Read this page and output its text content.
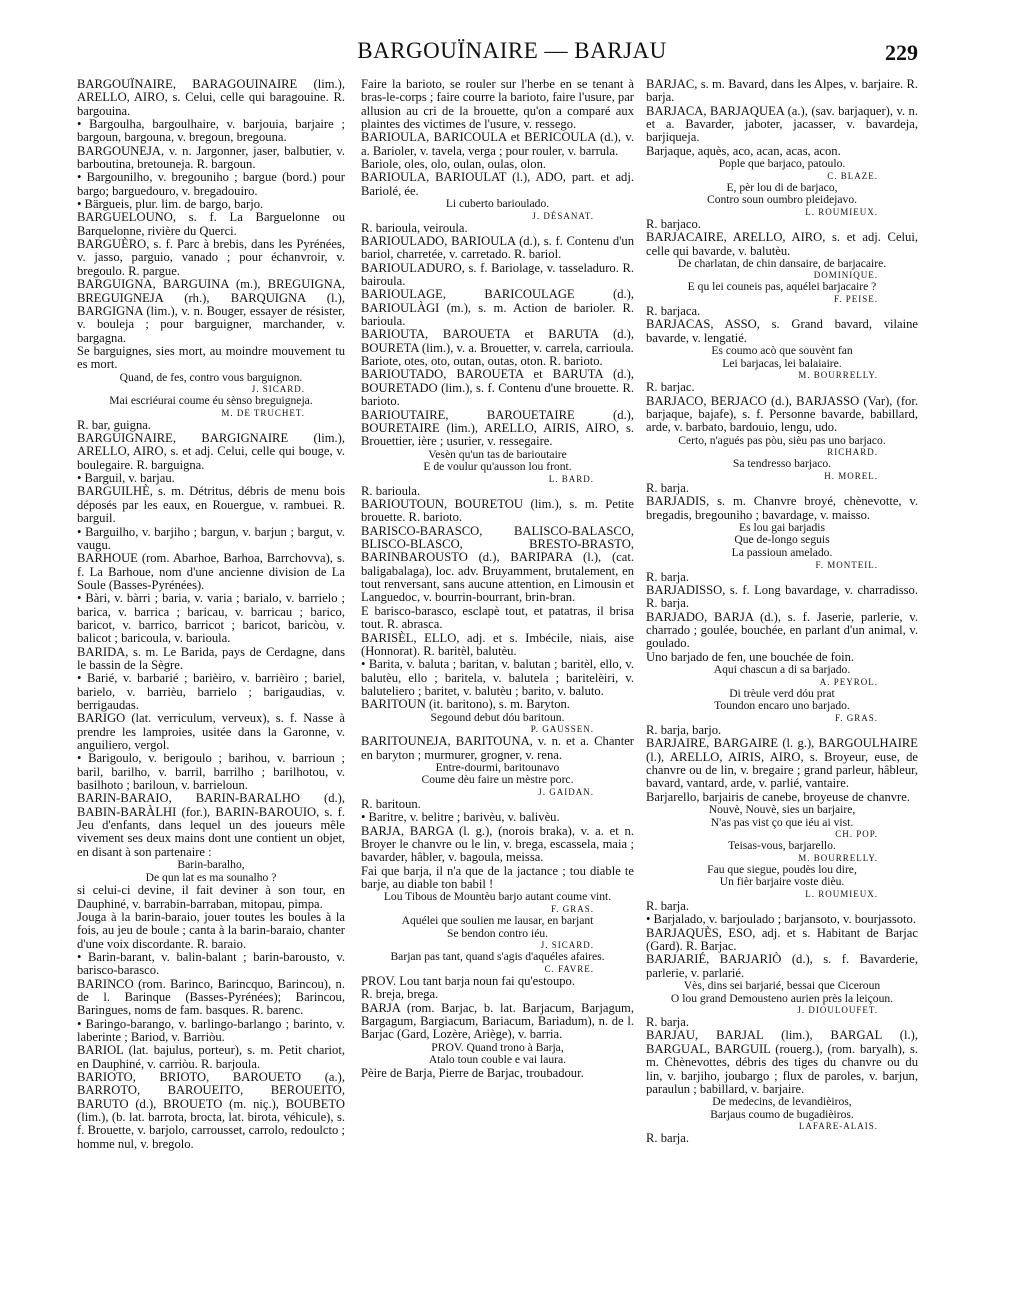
BARGOUÏNAIRE — BARJAU	229

BARGOUÏNAIRE, BARAGOUINAIRE (lim.), ARELLO, AIRO, s. Celui, celle qui baragouine. R. bargouina.

• Bargoulha, bargoulhaire, v. barjouia, barjaire ; bargoun, bargouna, v. bregoun, bregouna.

BARGOUNEJA, v. n. Jargonner, jaser, balbutier, v. barboutina, bretouneja. R. bargoun.

• Bargounilho, v. bregouniho ; bargue (bord.) pour bargo; barguedouro, v. bregadouiro.

• Bärgueis, plur. lim. de bargo, barjo.

BARGUELOUNO, s. f. La Barguelonne ou Barquelonne, rivière du Querci.

BARGUÈRO, s. f. Parc à brebis, dans les Pyrénées, v. jasso, parguio, vanado ; pour échanvroir, v. bregoulo. R. pargue.

BARGUIGNA, BARGUINA (m.), BREGUIGNA, BREGUIGNEJA (rh.), BARQUIGNA (l.), BARGIGNA (lim.), v. n. Bouger, essayer de résister, v. bouleja ; pour barguigner, marchander, v. bargagna.

Se barguignes, sies mort, au moindre mouvement tu es mort.

Quand, de fes, contro vous barguignon.

J. SICARD.

Mai escriéurai coume éu sènso breguigneja.

M. DE TRUCHET.

R. bar, guigna.

BARGUIGNAIRE, BARGIGNAIRE (lim.), ARELLO, AIRO, s. et adj. Celui, celle qui bouge, v. boulegaire. R. barguigna.

• Barguil, v. barjau.

BARGUILHÈ, s. m. Détritus, débris de menu bois déposés par les eaux, en Rouergue, v. rambuei. R. barguil.

• Barguilho, v. barjiho ; bargun, v. barjun ; bargut, v. vaugu.

BARHOUE (rom. Abarhoe, Barhoa, Barrchovva), s. f. La Barhoue, nom d'une ancienne division de La Soule (Basses-Pyrénées).

• Bàri, v. bàrri ; baria, v. varia ; barialo, v. barrielo ; barica, v. barrica ; baricau, v. barricau ; barico, baricot, v. barrico, barricot ; baricot, baricòu, v. balicot ; baricoula, v. barioula.

BARIDA, s. m. Le Barida, pays de Cerdagne, dans le bassin de la Sègre.

• Barié, v. barbarié ; barièiro, v. barrièiro ; bariel, barielo, v. barrièu, barrielo ; barigaudias, v. berrigaudas.

BARIGO (lat. verriculum, verveux), s. f. Nasse à prendre les lamproies, usitée dans la Garonne, v. anguiliero, vergol.

• Barigoulo, v. berigoulo ; barihou, v. barrioun ; baril, barilho, v. barril, barrilho ; barilhotou, v. basilhoto ; bariloun, v. barrieloun.

BARIN-BARAIO, BARIN-BARALHO (d.), BABIN-BARÀLHI (for.), BARIN-BAROUIO, s. f. Jeu d'enfants, dans lequel un des joueurs mêle vivement ses deux mains dont une contient un objet, en disant à son partenaire :

Barin-baralho,

De qun lat es ma sounalho ?

si celui-ci devine, il fait deviner à son tour, en Dauphiné, v. barrabin-barraban, mitopau, pimpa.

Jouga à la barin-baraio, jouer toutes les boules à la fois, au jeu de boule ; canta à la barin-baraio, chanter d'une voix discordante. R. baraio.

• Barin-barant, v. balin-balant ; barin-barousto, v. barisco-barasco.

BARINCO (rom. Barinco, Barincquo, Barincou), n. de l. Barinque (Basses-Pyrénées); Barincou, Baringues, noms de fam. basques. R. barenc.

• Baringo-barango, v. barlingo-barlango ; barinto, v. laberinte ; Bariod, v. Barriòu.

BARIOL (lat. bajulus, porteur), s. m. Petit chariot, en Dauphiné, v. carriòu. R. barjoula.

BARIOTO, BRIOTO, BAROUETO (a.), BARROTO, BAROUEITO, BEROUEITO, BARUTO (d.), BROUETO (m. niç.), BOUBETO (lim.), (b. lat. barrota, brocta, lat. birota, véhicule), s. f. Brouette, v. barjolo, carrousset, carrolo, redoulcto ; homme nul, v. bregolo.

Faire la barioto, se rouler sur l'herbe en se tenant à bras-le-corps ; faire courre la barioto, faire l'usure, par allusion au cri de la brouette, qu'on a comparé aux plaintes des victimes de l'usure, v. ressego.

BARIOULA, BARICOULA et BERICOULA (d.), v. a. Barioler, v. tavela, verga ; pour rouler, v. barrula.

Bariole, oles, olo, oulan, oulas, olon.

BARIOULA, BARIOULAT (l.), ADO, part. et adj. Bariolé, ée.

Li cuberto barioulado.

J. DÉSANAT.

R. barioula, veiroula.

BARIOULADO, BARIOULA (d.), s. f. Contenu d'un bariol, charretée, v. carretado. R. bariol.

BARIOULADURO, s. f. Bariolage, v. tasseladuro. R. bairoula.

BARIOULAGE, BARICOULAGE (d.), BARIOULÀGI (m.), s. m. Action de barioler. R. barioula.

BARIOUTA, BAROUETA et BARUTA (d.), BOURETA (lim.), v. a. Brouetter, v. carrela, carrioula.

Bariote, otes, oto, outan, outas, oton. R. barioto.

BARIOUTADO, BAROUETA et BARUTA (d.), BOURETADO (lim.), s. f. Contenu d'une brouette. R. barioto.

BARIOUTAIRE, BAROUETAIRE (d.), BOURETAIRE (lim.), ARELLO, AIRIS, AIRO, s. Brouettier, ière ; usurier, v. ressegaire.

Vesèn qu'un tas de barioutaire

E de voulur qu'ausson lou front.

L. BARD.

R. barioula.

BARIOUTOUN, BOURETOU (lim.), s. m. Petite brouette. R. barioto.

BARISCO-BARASCO, BALISCO-BALASCO, BLISCO-BLASCO, BRESTO-BRASTO, BARINBAROUSTO (d.), BARIPARA (l.), (cat. baligabalaga), loc. adv. Bruyamment, brutalement, en tout renversant, sans aucune attention, en Limousin et Languedoc, v. bourrin-bourrant, brin-bran.

E barisco-barasco, esclapè tout, et patatras, il brisa tout. R. abrasca.

BARISÈL, ELLO, adj. et s. Imbécile, niais, aise (Honnorat). R. baritèl, balutèu.

• Barita, v. baluta ; baritan, v. balutan ; baritèl, ello, v. balutèu, ello ; baritela, v. balutela ; baritelèiri, v. baluteliero ; baritet, v. balutèu ; barito, v. baluto.

BARITOUN (it. baritono), s. m. Baryton.

Segound debut dóu baritoun.

P. GAUSSEN.

BARITOUNEJA, BARITOUNA, v. n. et a. Chanter en baryton ; murmurer, grogner, v. rena.

Entre-dourmi, baritounavo

Coume dèu faire un mèstre porc.

J. GAIDAN.

R. baritoun.

• Baritre, v. belitre ; barivèu, v. balivèu.

BARJA, BARGA (l. g.), (norois braka), v. a. et n. Broyer le chanvre ou le lin, v. brega, escassela, maia ; bavarder, hâbler, v. bagoula, meissa.

Fai que barja, il n'a que de la jactance ; tou diable te barje, au diable ton babil !

Lou Tibous de Mountèu barjo autant coume vint.

F. GRAS.

Aquélei que soulien me lausar, en barjant

Se bendon contro iéu.

J. SICARD.

Barjan pas tant, quand s'agis d'aquéles afaires.

C. FAVRE.

PROV. Lou tant barja noun fai qu'estoupo.

R. breja, brega.

BARJA (rom. Barjac, b. lat. Barjacum, Barjagum, Bargagum, Bargiacum, Bariacum, Bariadum), n. de l. Barjac (Gard, Lozère, Ariège), v. barria.

PROV. Quand trono à Barja,

Atalo toun couble e vai laura.

Pèire de Barja, Pierre de Barjac, troubadour.

BARJAC, s. m. Bavard, dans les Alpes, v. barjaire. R. barja.

BARJACA, BARJAQUEA (a.), (sav. barjaquer), v. n. et a. Bavarder, jaboter, jacasser, v. bavardeja, barjiqueja.

Barjaque, aquès, aco, acan, acas, acon.

Pople que barjaco, patoulo.

C. BLAZE.

E, pèr lou di de barjaco,

Contro soun oumbro pleidejavo.

L. ROUMIEUX.

R. barjaco.

BARJACAIRE, ARELLO, AIRO, s. et adj. Celui, celle qui bavarde, v. balutèu.

De charlatan, de chin dansaire, de barjacaire.

DOMINIQUE.

E qu lei couneis pas, aquélei barjacaire ?

F. PEISE.

R. barjaca.

BARJACAS, ASSO, s. Grand bavard, vilaine bavarde, v. lengatié.

Es coumo acò que souvènt fan

Lei barjacas, lei balaiaire.

M. BOURRELLY.

R. barjac.

BARJACO, BERJACO (d.), BARJASSO (Var), (for. barjaque, bajafe), s. f. Personne bavarde, babillard, arde, v. barbato, bardouio, lengu, udo.

Certo, n'agués pas pòu, sièu pas uno barjaco.

RICHARD.

Sa tendresso barjaco.

H. MOREL.

R. barja.

BARJADIS, s. m. Chanvre broyé, chènevotte, v. bregadis, bregouniho ; bavardage, v. maisso.

Es lou gai barjadis

Que de-longo seguis

La passioun amelado.

F. MONTEIL.

R. barja.

BARJADISSO, s. f. Long bavardage, v. charradisso. R. barja.

BARJADO, BARJA (d.), s. f. Jaserie, parlerie, v. charrado ; goulée, bouchée, en parlant d'un animal, v. goulado.

Uno barjado de fen, une bouchée de foin.

Aqui chascun a di sa barjado.

A. PEYROL.

Di trèule verd dóu prat

Toundon encaro uno barjado.

F. GRAS.

R. barja, barjo.

BARJAIRE, BARGAIRE (l. g.), BARGOULHAIRE (l.), ARELLO, AIRIS, AIRO, s. Broyeur, euse, de chanvre ou de lin, v. bregaire ; grand parleur, hâbleur, bavard, vantard, arde, v. parlié, vantaire.

Barjarello, barjairis de canebe, broyeuse de chanvre.

Nouvè, Nouvè, sies un barjaire,

N'as pas vist ço que iéu ai vist.

CH. POP.

Teisas-vous, barjarello.

M. BOURRELLY.

Fau que siegue, poudès lou dire,

Un fièr barjaire voste dièu.

L. ROUMIEUX.

R. barja.

• Barjalado, v. barjoulado ; barjansoto, v. bourjassoto.

BARJAQUÈS, ESO, adj. et s. Habitant de Barjac (Gard). R. Barjac.

BARJARIÉ, BARJARIÒ (d.), s. f. Bavarderie, parlerie, v. parlarié.

Vès, dins sei barjarié, bessai que Ciceroun

O lou grand Demousteno aurien près la leiçoun.

J. DIOULOUFET.

R. barja.

BARJAU, BARJAL (lim.), BARGAL (l.), BARGUAL, BARGUIL (rouerg.), (rom. baryalh), s. m. Chènevottes, débris des tiges du chanvre ou du lin, v. barjiho, joubargo ; flux de paroles, v. barjun, paraulun ; babillard, v. barjaire.

De medecins, de levandièiros,

Barjaus coumo de bugadièiros.

LAFARE-ALAIS.

R. barja.
